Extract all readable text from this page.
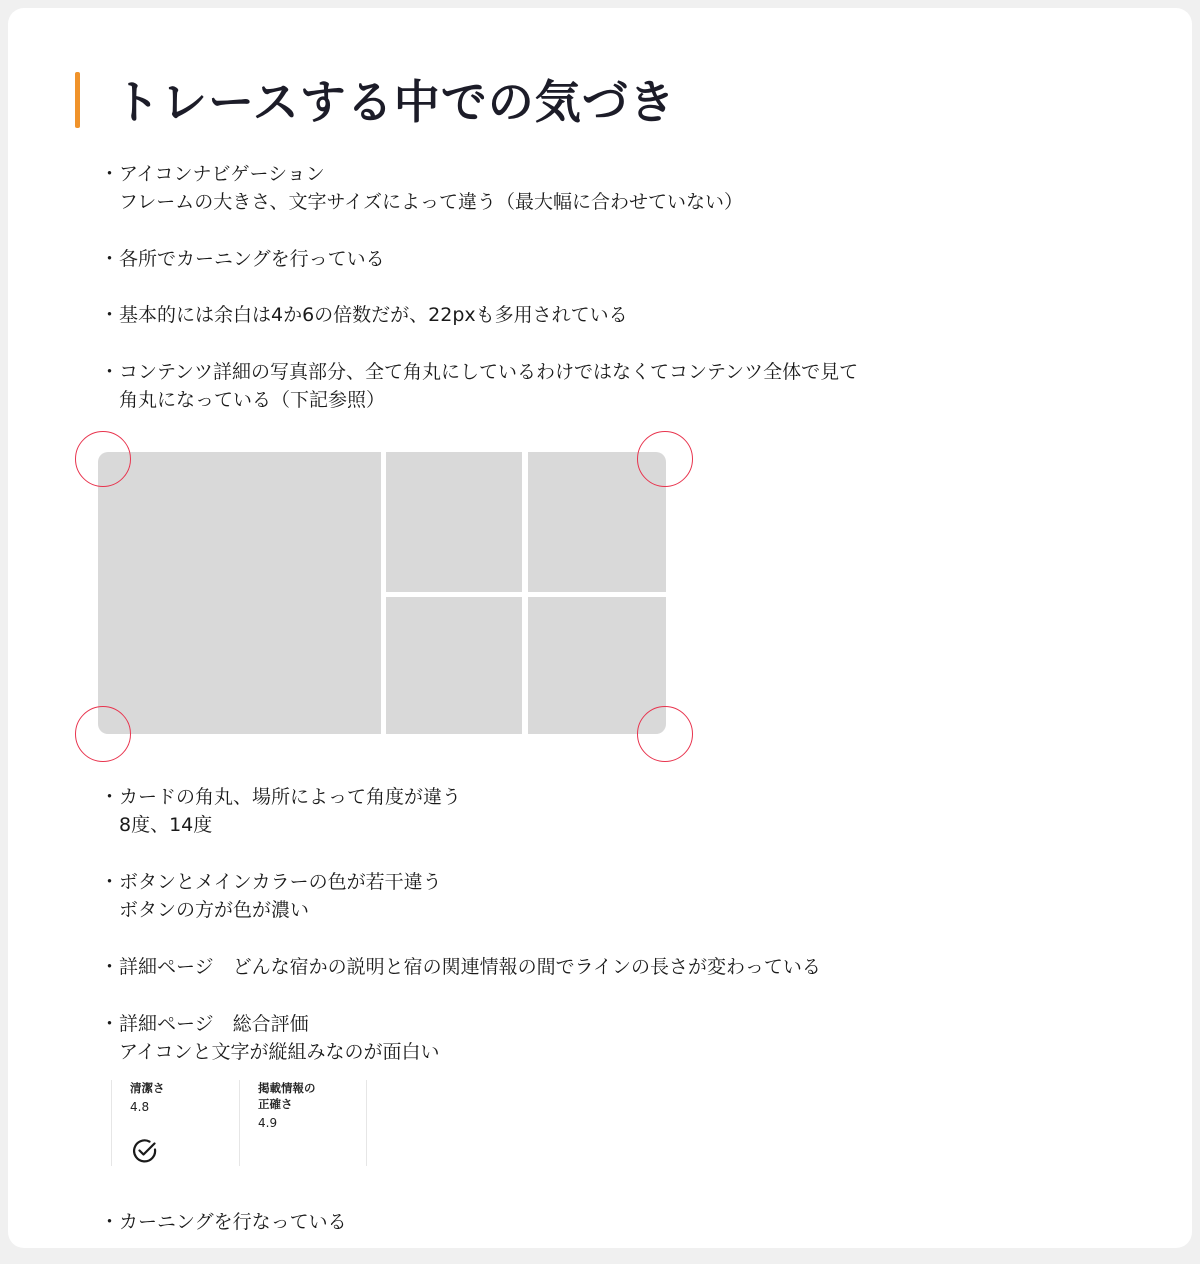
トレースする中での気づき
・アイコンナビゲーション
フレームの大きさ、文字サイズによって違う（最大幅に合わせていない）
・各所でカーニングを行っている
・基本的には余白は4か6の倍数だが、22pxも多用されている
・コンテンツ詳細の写真部分、全て角丸にしているわけではなくてコンテンツ全体で見て
角丸になっている（下記参照）
・カードの角丸、場所によって角度が違う
8度、14度
・ボタンとメインカラーの色が若干違う
ボタンの方が色が濃い
・詳細ページ　どんな宿かの説明と宿の関連情報の間でラインの長さが変わっている
・詳細ページ　総合評価
アイコンと文字が縦組みなのが面白い
清潔さ
4.8
掲載情報の
正確さ
4.9
・カーニングを行なっている
